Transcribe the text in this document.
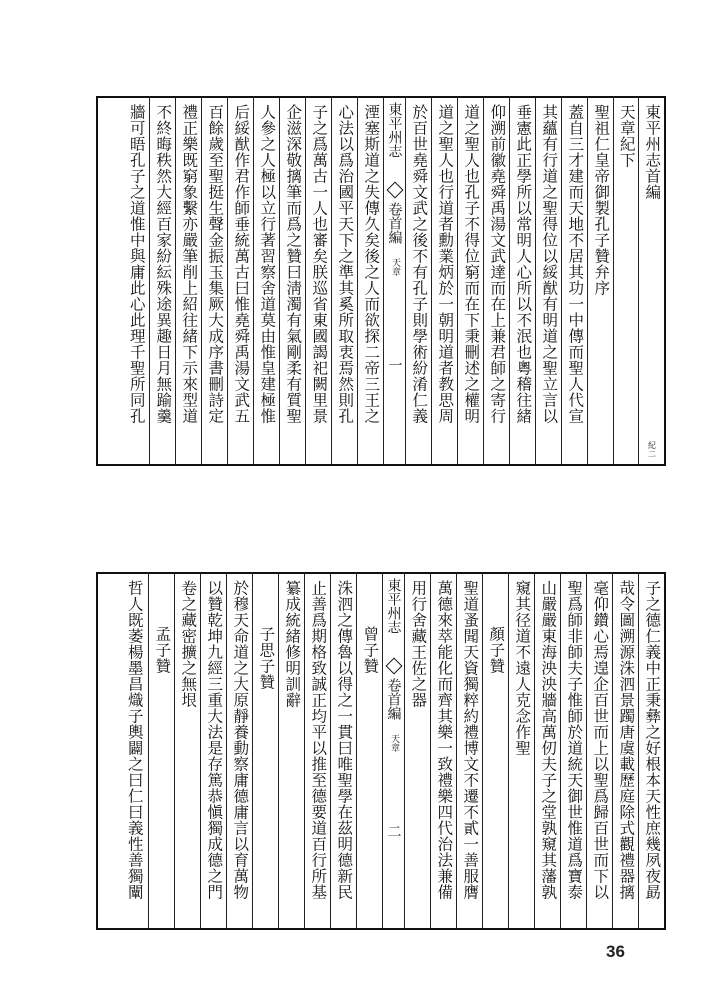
東平州志首編
紀二
天章紀下
聖祖仁皇帝御製孔子贊弁序
蓋自三才建而天地不居其功一中傳而聖人代宣
其蘊有行道之聖得位以綏猷有明道之聖立言以
垂憲此正學所以常明人心所以不泯也粵稽往緒
仰溯前徽堯舜禹湯文武達而在上兼君師之寄行
道之聖人也孔子不得位窮而在下秉刪述之權明
道之聖人也行道者勳業炳於一朝明道者教思周
於百世堯舜文武之後不有孔子則學術紛淆仁義
東平州志
卷首編
天章
一
湮塞斯道之失傳久矣後之人而欲探二帝三王之
心法以爲治國平天下之準其奚所取衷焉然則孔
子之爲萬古一人也審矣朕巡省東國謁祀闕里景
企滋深敬摛筆而爲之贊曰淸濁有氣剛柔有質聖
人參之人極以立行著習察舍道莫由惟皇建極惟
后綏猷作君作師垂統萬古曰惟堯舜禹湯文武五
百餘歲至聖挺生聲金振玉集厥大成序書刪詩定
禮正樂既窮象繫亦嚴筆削上紹往緒下示來型道
不終晦秩然大經百家紛紜殊途異趣日月無踰羹
牆可晤孔子之道惟中與庸此心此理千聖所同孔
子之德仁義中正秉彝之好根本天性庶幾夙夜勗
哉令圖溯源洙泗景躅唐虞載歷庭除式觀禮器摛
毫仰鑽心焉遑企百世而上以聖爲歸百世而下以
聖爲師非師夫子惟師於道統天御世惟道爲寶泰
山嚴嚴東海泱泱牆高萬仞夫子之堂孰窺其藩孰
窺其径道不遠人克念作聖
顏子贊
聖道蚤聞天資獨粹約禮博文不遷不貳一善服膺
萬德來萃能化而齊其樂一致禮樂四代治法兼備
用行舍藏王佐之器
東平州志
卷首編
天章
二
曾子贊
洙泗之傳魯以得之一貫曰唯聖學在茲明德新民
止善爲期格致誠正均平以推至德要道百行所基
纂成統緒修明訓辭
子思子贊
於穆天命道之大原靜養動察庸德庸言以育萬物
以贊乾坤九經三重大法是存篤恭愼獨成德之門
卷之藏密擴之無垠
孟子贊
哲人既萎楊墨昌熾子輿闢之曰仁曰義性善獨闡
36
